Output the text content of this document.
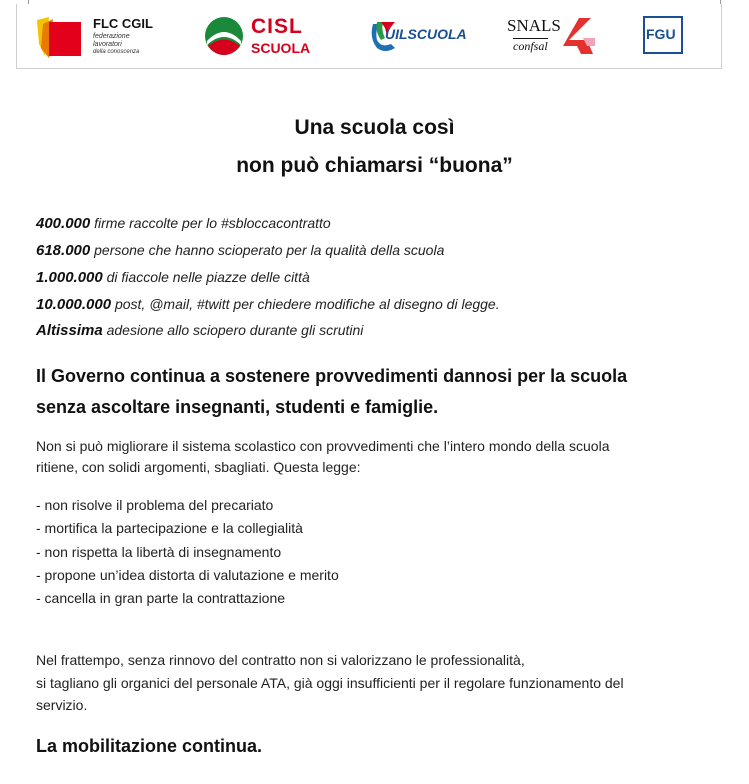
FLC CGIL
federazione
lavoratori
della conoscenza
CISL
SCUOLA
UILSCUOLA SNALS
confsal
FGU
Una scuola così
non può chiamarsi “buona”
400.000 firme raccolte per lo #sbloccacontratto
618.000 persone che hanno scioperato per la qualità della scuola
1.000.000 di fiaccole nelle piazze delle città
10.000.000 post, @mail, #twitt per chiedere modifiche al disegno di legge.
Altissima adesione allo sciopero durante gli scrutini
Il Governo continua a sostenere provvedimenti dannosi per la scuola
senza ascoltare insegnanti, studenti e famiglie.
Non si può migliorare il sistema scolastico con provvedimenti che l’intero mondo della scuola
ritiene, con solidi argomenti, sbagliati. Questa legge:
- non risolve il problema del precariato
- mortifica la partecipazione e la collegialità
- non rispetta la libertà di insegnamento
- propone un’idea distorta di valutazione e merito
- cancella in gran parte la contrattazione
Nel frattempo, senza rinnovo del contratto non si valorizzano le professionalità,
si tagliano gli organici del personale ATA, già oggi insufficienti per il regolare funzionamento del
servizio.
La mobilitazione continua.
